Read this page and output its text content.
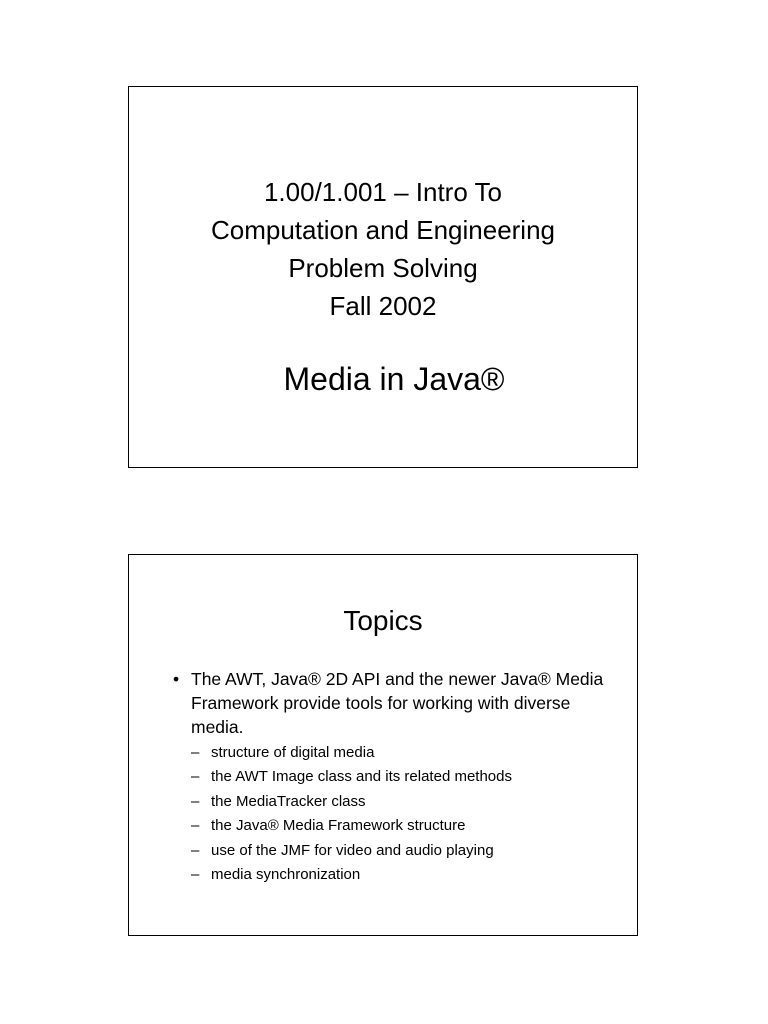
1.00/1.001 – Intro To
Computation and Engineering
Problem Solving
Fall 2002
Media in Java®
Topics
• The AWT, Java® 2D API and the newer Java® Media Framework provide tools for working with diverse media.
– structure of digital media
– the AWT Image class and its related methods
– the MediaTracker class
– the Java® Media Framework structure
– use of the JMF for video and audio playing
– media synchronization
